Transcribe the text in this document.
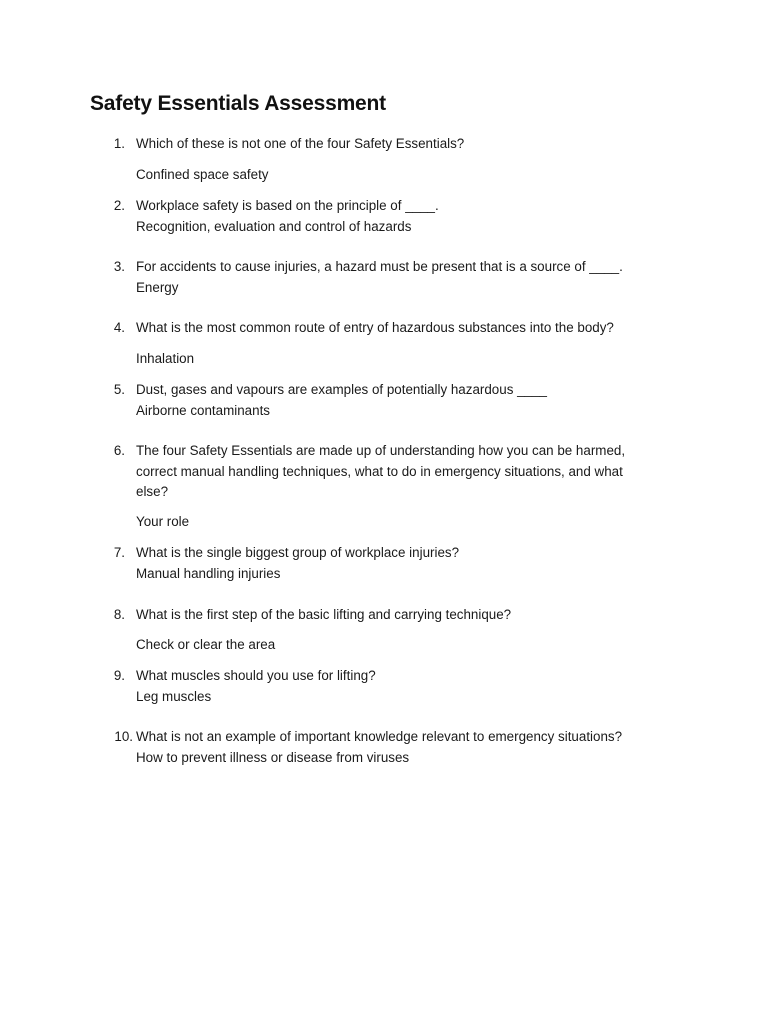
Safety Essentials Assessment
1. Which of these is not one of the four Safety Essentials?
Confined space safety
2. Workplace safety is based on the principle of ____.
Recognition, evaluation and control of hazards
3. For accidents to cause injuries, a hazard must be present that is a source of ____.
Energy
4. What is the most common route of entry of hazardous substances into the body?
Inhalation
5. Dust, gases and vapours are examples of potentially hazardous ____
Airborne contaminants
6. The four Safety Essentials are made up of understanding how you can be harmed,
correct manual handling techniques, what to do in emergency situations, and what
else?
Your role
7. What is the single biggest group of workplace injuries?
Manual handling injuries
8. What is the first step of the basic lifting and carrying technique?
Check or clear the area
9. What muscles should you use for lifting?
Leg muscles
10. What is not an example of important knowledge relevant to emergency situations?
How to prevent illness or disease from viruses
